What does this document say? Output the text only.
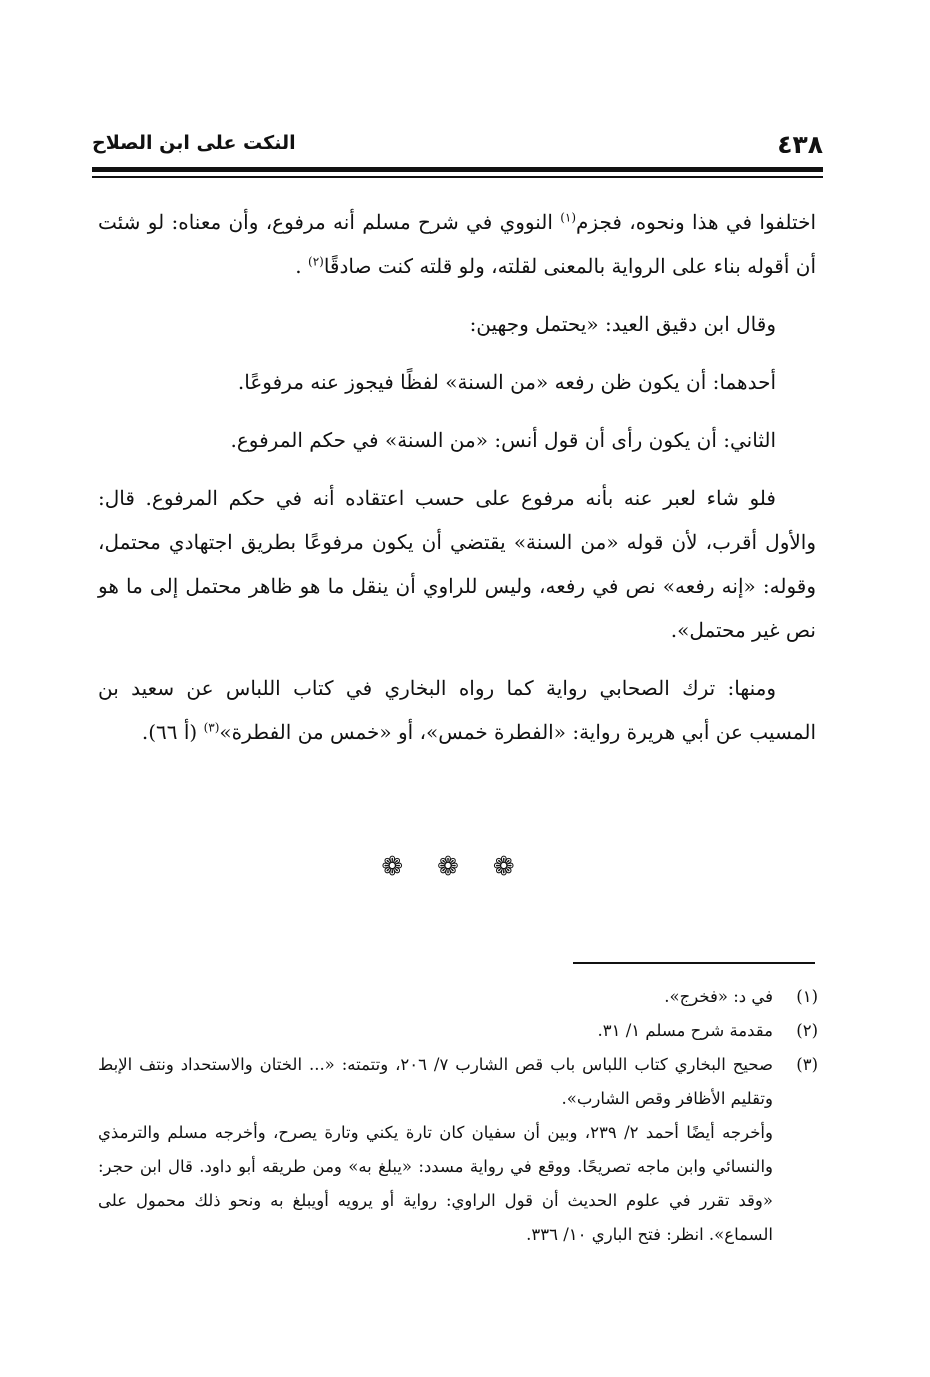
٤٣٨
النكت على ابن الصلاح

اختلفوا في هذا ونحوه، فجزم$^{(١)}$ النووي في شرح مسلم أنه مرفوع، وأن معناه: لو شئت أن أقوله بناء على الرواية بالمعنى لقلته، ولو قلته كنت صادقًا$^{(٢)}$ .

وقال ابن دقيق العيد: «يحتمل وجهين:

أحدهما: أن يكون ظن رفعه «من السنة» لفظًا فيجوز عنه مرفوعًا.

الثاني: أن يكون رأى أن قول أنس: «من السنة» في حكم المرفوع.

فلو شاء لعبر عنه بأنه مرفوع على حسب اعتقاده أنه في حكم المرفوع. قال: والأول أقرب، لأن قوله «من السنة» يقتضي أن يكون مرفوعًا بطريق اجتهادي محتمل، وقوله: «إنه رفعه» نص في رفعه، وليس للراوي أن ينقل ما هو ظاهر محتمل إلى ما هو نص غير محتمل».

ومنها: ترك الصحابي رواية كما رواه البخاري في كتاب اللباس عن سعيد بن المسيب عن أبي هريرة رواية: «الفطرة خمس»، أو «خمس من الفطرة»$^{(٣)}$ (أ ٦٦).

❁❁❁
(١)
في د: «فخرج».
(٢)
مقدمة شرح مسلم ١/ ٣١.
(٣)
صحيح البخاري كتاب اللباس باب قص الشارب ٧/ ٢٠٦، وتتمته: «... الختان والاستحداد ونتف الإبط وتقليم الأظافر وقص الشارب».
وأخرجه أيضًا أحمد ٢/ ٢٣٩، وبين أن سفيان كان تارة يكني وتارة يصرح، وأخرجه مسلم والترمذي والنسائي وابن ماجه تصريحًا. ووقع في رواية مسدد: «يبلغ به» ومن طريقه أبو داود. قال ابن حجر: «وقد تقرر في علوم الحديث أن قول الراوي: رواية أو يرويه أويبلغ به ونحو ذلك محمول على السماع». انظر: فتح الباري ١٠/ ٣٣٦.
